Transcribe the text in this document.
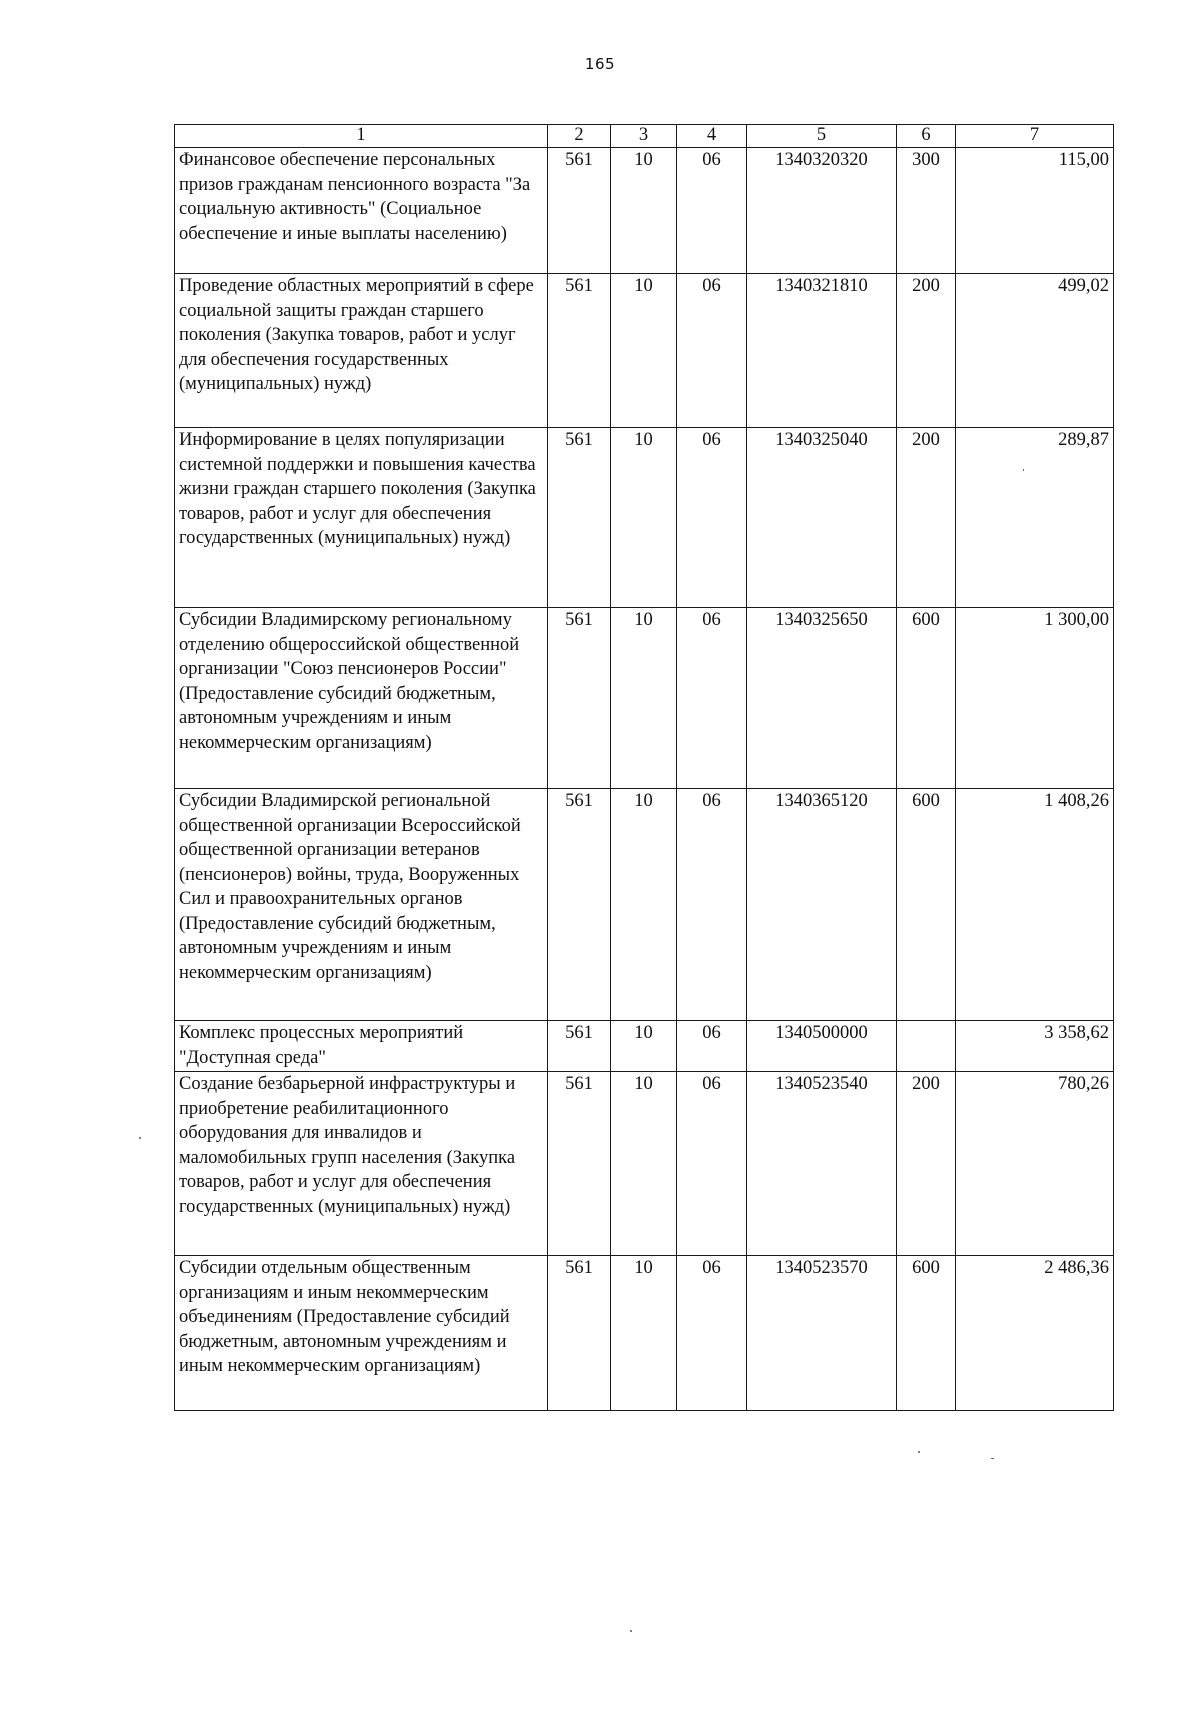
165
1	2	3	4	5	6	7
Финансовое обеспечение персональных призов гражданам пенсионного возраста "За социальную активность" (Социальное обеспечение и иные выплаты населению)	561	10	06	1340320320	300	115,00
Проведение областных мероприятий в сфере социальной защиты граждан старшего поколения (Закупка товаров, работ и услуг для обеспечения государственных (муниципальных) нужд)	561	10	06	1340321810	200	499,02
Информирование в целях популяризации системной поддержки и повышения качества жизни граждан старшего поколения (Закупка товаров, работ и услуг для обеспечения государственных (муниципальных) нужд)	561	10	06	1340325040	200	289,87
Субсидии Владимирскому региональному отделению общероссийской общественной организации "Союз пенсионеров России" (Предоставление субсидий бюджетным, автономным учреждениям и иным некоммерческим организациям)	561	10	06	1340325650	600	1 300,00
Субсидии Владимирской региональной общественной организации Всероссийской общественной организации ветеранов (пенсионеров) войны, труда, Вооруженных Сил и правоохранительных органов (Предоставление субсидий бюджетным, автономным учреждениям и иным некоммерческим организациям)	561	10	06	1340365120	600	1 408,26
Комплекс процессных мероприятий "Доступная среда"	561	10	06	1340500000		3 358,62
Создание безбарьерной инфраструктуры и приобретение реабилитационного оборудования для инвалидов и маломобильных групп населения (Закупка товаров, работ и услуг для обеспечения государственных (муниципальных) нужд)	561	10	06	1340523540	200	780,26
Субсидии отдельным общественным организациям и иным некоммерческим объединениям (Предоставление субсидий бюджетным, автономным учреждениям и иным некоммерческим организациям)	561	10	06	1340523570	600	2 486,36
